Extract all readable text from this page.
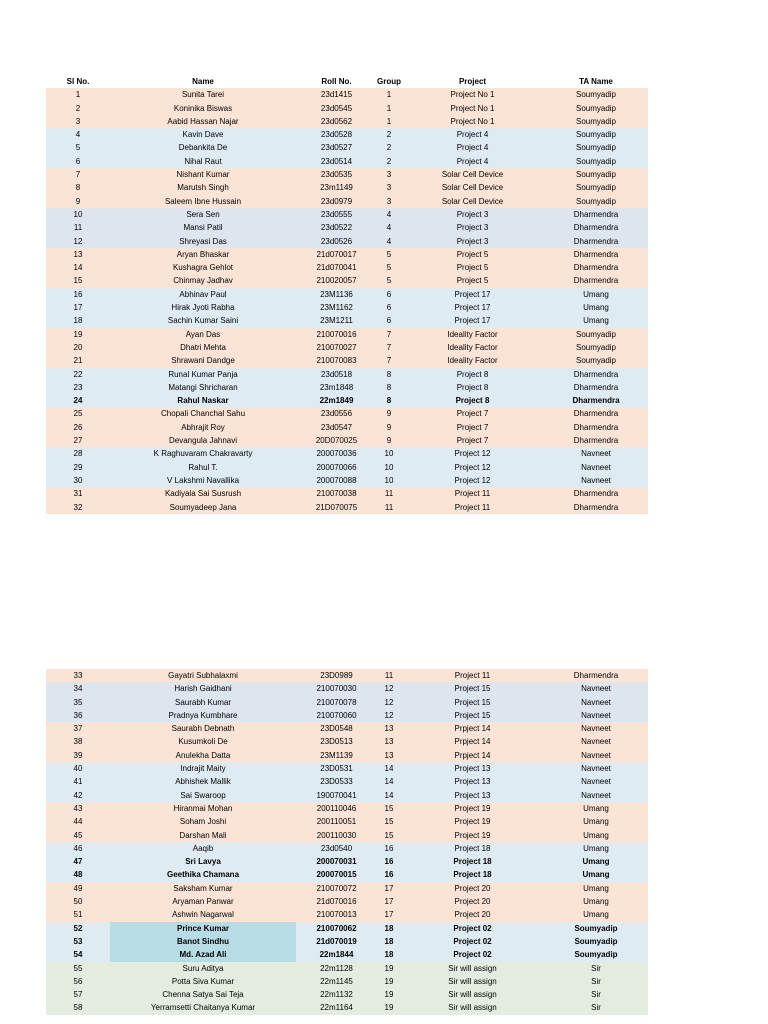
Sl No.	Name	Roll No.	Group	Project	TA Name
1	Sunita Tarei	23d1415	1	Project No 1	Soumyadip
2	Koninika Biswas	23d0545	1	Project No 1	Soumyadip
3	Aabid Hassan Najar	23d0562	1	Project No 1	Soumyadip
4	Kavin Dave	23d0528	2	Project 4	Soumyadip
5	Debankita De	23d0527	2	Project 4	Soumyadip
6	Nihal Raut	23d0514	2	Project 4	Soumyadip
7	Nishant Kumar	23d0535	3	Solar Cell Device	Soumyadip
8	Marutsh Singh	23m1149	3	Solar Cell Device	Soumyadip
9	Saleem Ibne Hussain	23d0979	3	Solar Cell Device	Soumyadip
10	Sera Sen	23d0555	4	Project 3	Dharmendra
11	Mansi Patil	23d0522	4	Project 3	Dharmendra
12	Shreyasi Das	23d0526	4	Project 3	Dharmendra
13	Aryan Bhaskar	21d070017	5	Project 5	Dharmendra
14	Kushagra Gehlot	21d070041	5	Project 5	Dharmendra
15	Chinmay Jadhav	210020057	5	Project 5	Dharmendra
16	Abhinav Paul	23M1136	6	Project 17	Umang
17	Hirak Jyoti Rabha	23M1162	6	Project 17	Umang
18	Sachin Kumar Saini	23M1211	6	Project 17	Umang
19	Ayan Das	210070016	7	Ideality Factor	Soumyadip
20	Dhatri Mehta	210070027	7	Ideality Factor	Soumyadip
21	Shrawani Dandge	210070083	7	Ideality Factor	Soumyadip
22	Runal Kumar Panja	23d0518	8	Project 8	Dharmendra
23	Matangi Shricharan	23m1848	8	Project 8	Dharmendra
24	Rahul Naskar	22m1849	8	Project 8	Dharmendra
25	Chopali Chanchal Sahu	23d0556	9	Project 7	Dharmendra
26	Abhrajit Roy	23d0547	9	Project 7	Dharmendra
27	Devangula Jahnavi	20D070025	9	Project 7	Dharmendra
28	K Raghuvaram Chakravarty	200070036	10	Project 12	Navneet
29	Rahul T.	200070066	10	Project 12	Navneet
30	V Lakshmi Navallika	200070088	10	Project 12	Navneet
31	Kadiyala Sai Susrush	210070038	11	Project 11	Dharmendra
32	Soumyadeep Jana	21D070075	11	Project 11	Dharmendra
33	Gayatri Subhalaxmi	23D0989	11	Project 11	Dharmendra
34	Harish Gaidhani	210070030	12	Project 15	Navneet
35	Saurabh Kumar	210070078	12	Project 15	Navneet
36	Pradnya Kumbhare	210070060	12	Project 15	Navneet
37	Saurabh Debnath	23D0548	13	Prpject 14	Navneet
38	Kusumkoli De	23D0513	13	Prpject 14	Navneet
39	Anulekha Datta	23M1139	13	Prpject 14	Navneet
40	Indrajit Maity	23D0531	14	Project 13	Navneet
41	Abhishek Mallik	23D0533	14	Project 13	Navneet
42	Sai Swaroop	190070041	14	Project 13	Navneet
43	Hiranmai Mohan	200110046	15	Project 19	Umang
44	Soham Joshi	200110051	15	Project 19	Umang
45	Darshan Mali	200110030	15	Project 19	Umang
46	Aaqib	23d0540	16	Project 18	Umang
47	Sri Lavya	200070031	16	Project 18	Umang
48	Geethika Chamana	200070015	16	Project 18	Umang
49	Saksham Kumar	210070072	17	Project 20	Umang
50	Aryaman Panwar	21d070016	17	Project 20	Umang
51	Ashwin Nagarwal	210070013	17	Project 20	Umang
52	Prince Kumar	210070062	18	Project 02	Soumyadip
53	Banot Sindhu	21d070019	18	Project 02	Soumyadip
54	Md. Azad Ali	22m1844	18	Project 02	Soumyadip
55	Suru Aditya	22m1128	19	Sir will assign	Sir
56	Potta Siva Kumar	22m1145	19	Sir will assign	Sir
57	Chenna Satya Sai Teja	22m1132	19	Sir will assign	Sir
58	Yerramsetti Chaitanya Kumar	22m1164	19	Sir will assign	Sir
